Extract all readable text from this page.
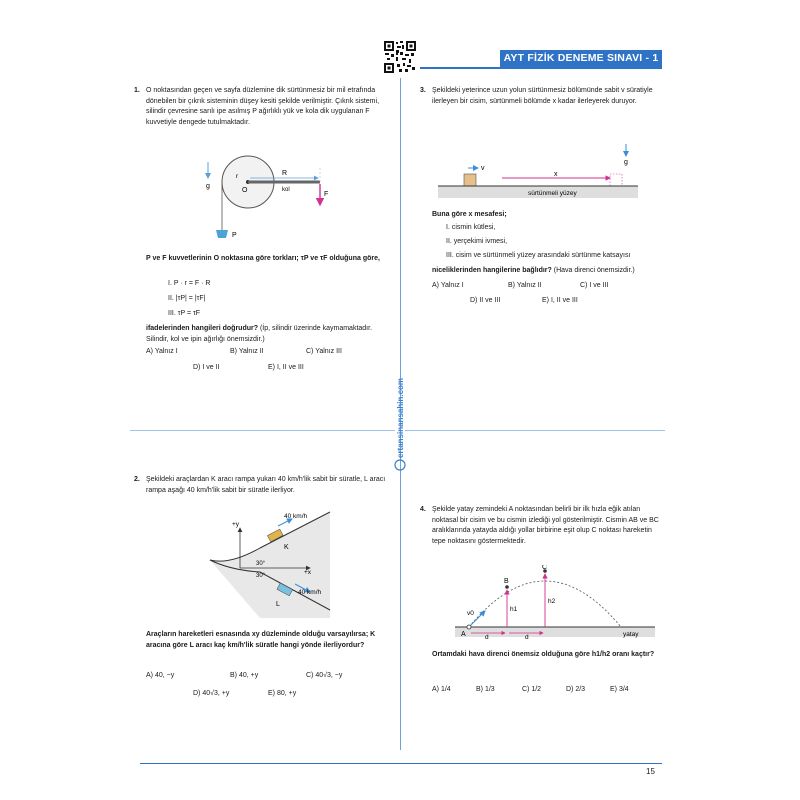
AYT FİZİK DENEME SINAVI - 1
ertansinansahin.com
1. O noktasından geçen ve sayfa düzlemine dik sürtünmesiz bir mil etrafında dönebilen bir çıkrık sisteminin düşey kesiti şekilde verilmiştir. Çıkrık sistemi, silindir çevresine sarılı ipe asılmış P ağırlıklı yük ve kola dik uygulanan F kuvvetiyle dengede tutulmaktadır.
g
R
r
O	kol
F
P
P ve F kuvvetlerinin O noktasına göre torkları; τP ve τF olduğuna göre,
I. P · r = F · R
II. |τP| = |τF|
III. τP = τF
ifadelerinden hangileri doğrudur? (İp, silindir üzerinde kaymamaktadır. Silindir, kol ve ipin ağırlığı önemsizdir.)
A) Yalnız I	B) Yalnız II	C) Yalnız III
D) I ve II	E) I, II ve III
2. Şekildeki araçlardan K aracı rampa yukarı 40 km/h'lik sabit bir süratle, L aracı rampa aşağı 40 km/h'lik sabit bir süratle ilerliyor.
+y
+x
30°
30°
40 km/h
K
40 km/h
L
Araçların hareketleri esnasında xy düzleminde olduğu varsayılırsa; K aracına göre L aracı kaç km/h'lik süratle hangi yönde ilerliyordur?
A) 40, −y	B) 40, +y	C) 40√3, −y
D) 40√3, +y	E) 80, +y
3. Şekildeki yeterince uzun yolun sürtünmesiz bölümünde sabit v süratiyle ilerleyen bir cisim, sürtünmeli bölümde x kadar ilerleyerek duruyor.
g
v
x
sürtünmeli yüzey
Buna göre x mesafesi;
I. cismin kütlesi,
II. yerçekimi ivmesi,
III. cisim ve sürtünmeli yüzey arasındaki sürtünme katsayısı
niceliklerinden hangilerine bağlıdır? (Hava direnci önemsizdir.)
A) Yalnız I	B) Yalnız II	C) I ve III
D) II ve III	E) I, II ve III
4. Şekilde yatay zemindeki A noktasından belirli bir ilk hızla eğik atılan noktasal bir cisim ve bu cismin izlediği yol gösterilmiştir. Cismin AB ve BC aralıklarında yatayda aldığı yollar birbirine eşit olup C noktası hareketin tepe noktasını göstermektedir.
v0
A
B
h1
C
h2
d	d	yatay
Ortamdaki hava direnci önemsiz olduğuna göre h1/h2 oranı kaçtır?
A) 1/4	B) 1/3	C) 1/2	D) 2/3	E) 3/4
15
